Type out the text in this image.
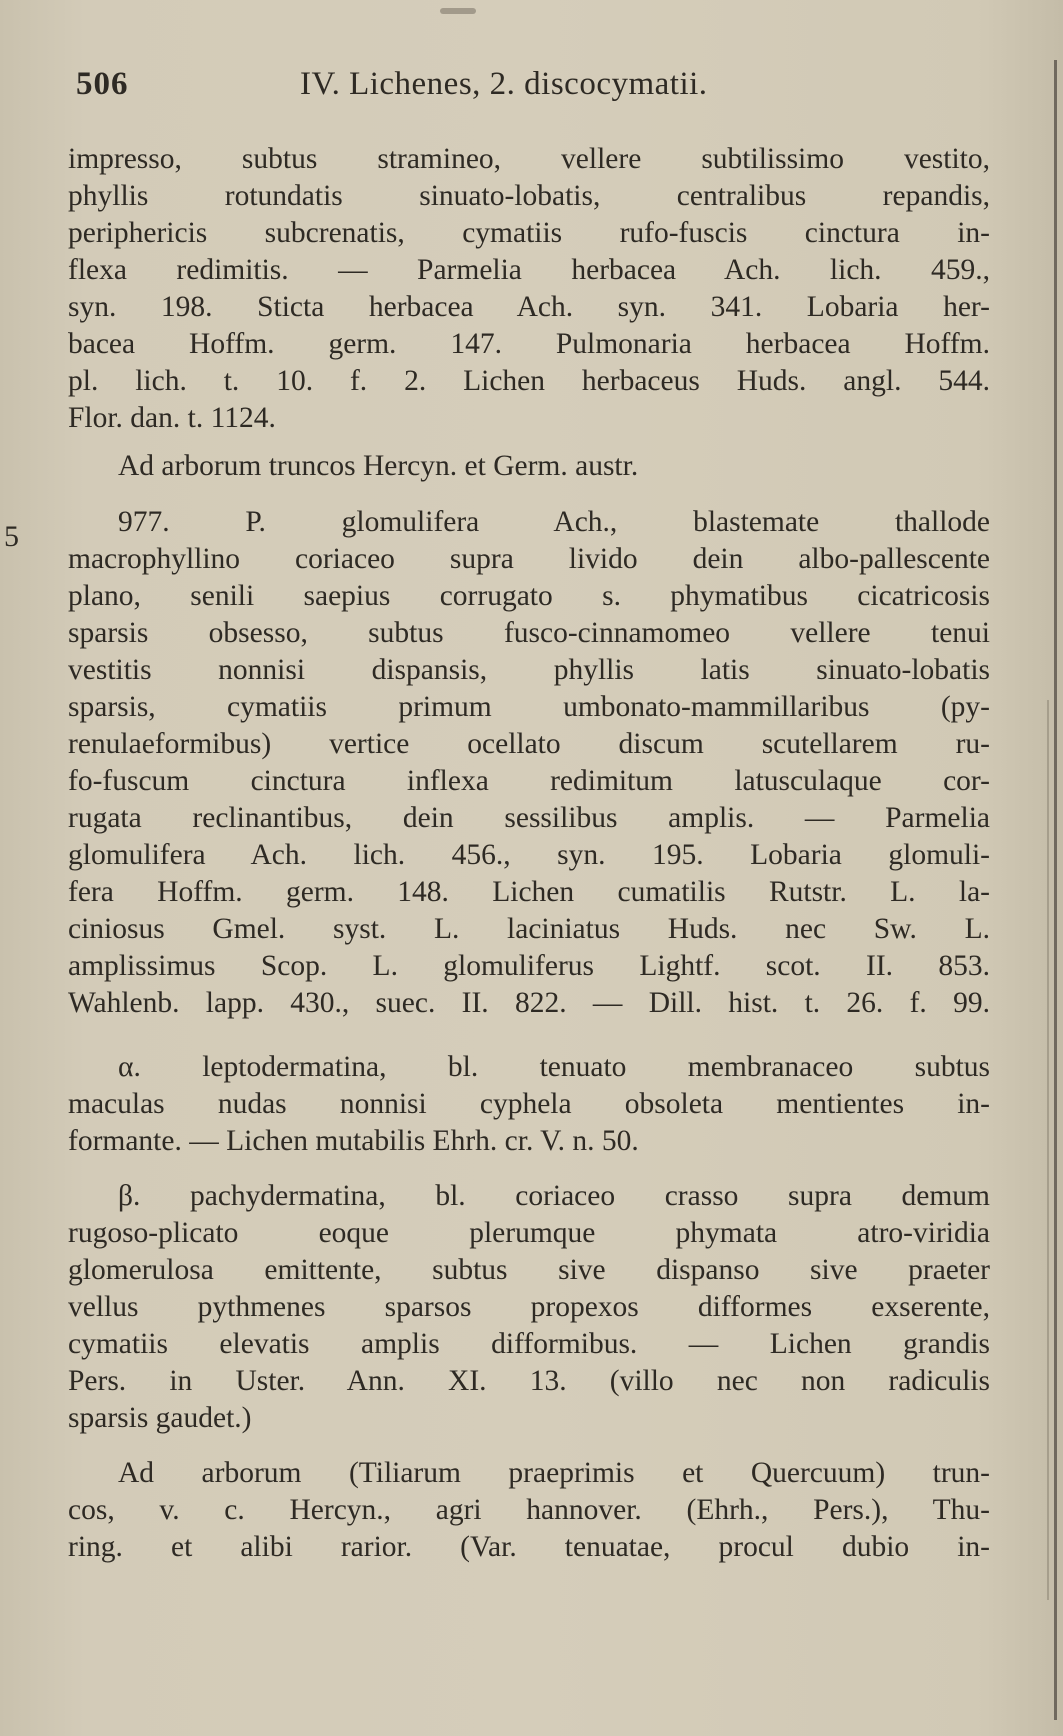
506	IV. Lichenes, 2. discocymatii.
5
impresso, subtus stramineo, vellere subtilissimo vestito,
phyllis rotundatis sinuato-lobatis, centralibus repandis,
periphericis subcrenatis, cymatiis rufo-fuscis cinctura in-
flexa redimitis. — Parmelia herbacea Ach. lich. 459.,
syn. 198. Sticta herbacea Ach. syn. 341. Lobaria her-
bacea Hoffm. germ. 147. Pulmonaria herbacea Hoffm.
pl. lich. t. 10. f. 2. Lichen herbaceus Huds. angl. 544.
Flor. dan. t. 1124.
Ad arborum truncos Hercyn. et Germ. austr.
977. P. glomulifera Ach., blastemate thallode
macrophyllino coriaceo supra livido dein albo-pallescente
plano, senili saepius corrugato s. phymatibus cicatricosis
sparsis obsesso, subtus fusco-cinnamomeo vellere tenui
vestitis nonnisi dispansis, phyllis latis sinuato-lobatis
sparsis, cymatiis primum umbonato-mammillaribus (py-
renulaeformibus) vertice ocellato discum scutellarem ru-
fo-fuscum cinctura inflexa redimitum latusculaque cor-
rugata reclinantibus, dein sessilibus amplis. — Parmelia
glomulifera Ach. lich. 456., syn. 195. Lobaria glomuli-
fera Hoffm. germ. 148. Lichen cumatilis Rutstr. L. la-
ciniosus Gmel. syst. L. laciniatus Huds. nec Sw. L.
amplissimus Scop. L. glomuliferus Lightf. scot. II. 853.
Wahlenb. lapp. 430., suec. II. 822. — Dill. hist. t. 26. f. 99.
α. leptodermatina, bl. tenuato membranaceo subtus
maculas nudas nonnisi cyphela obsoleta mentientes in-
formante. — Lichen mutabilis Ehrh. cr. V. n. 50.
β. pachydermatina, bl. coriaceo crasso supra demum
rugoso-plicato eoque plerumque phymata atro-viridia
glomerulosa emittente, subtus sive dispanso sive praeter
vellus pythmenes sparsos propexos difformes exserente,
cymatiis elevatis amplis difformibus. — Lichen grandis
Pers. in Uster. Ann. XI. 13. (villo nec non radiculis
sparsis gaudet.)
Ad arborum (Tiliarum praeprimis et Quercuum) trun-
cos, v. c. Hercyn., agri hannover. (Ehrh., Pers.), Thu-
ring. et alibi rarior. (Var. tenuatae, procul dubio in-
